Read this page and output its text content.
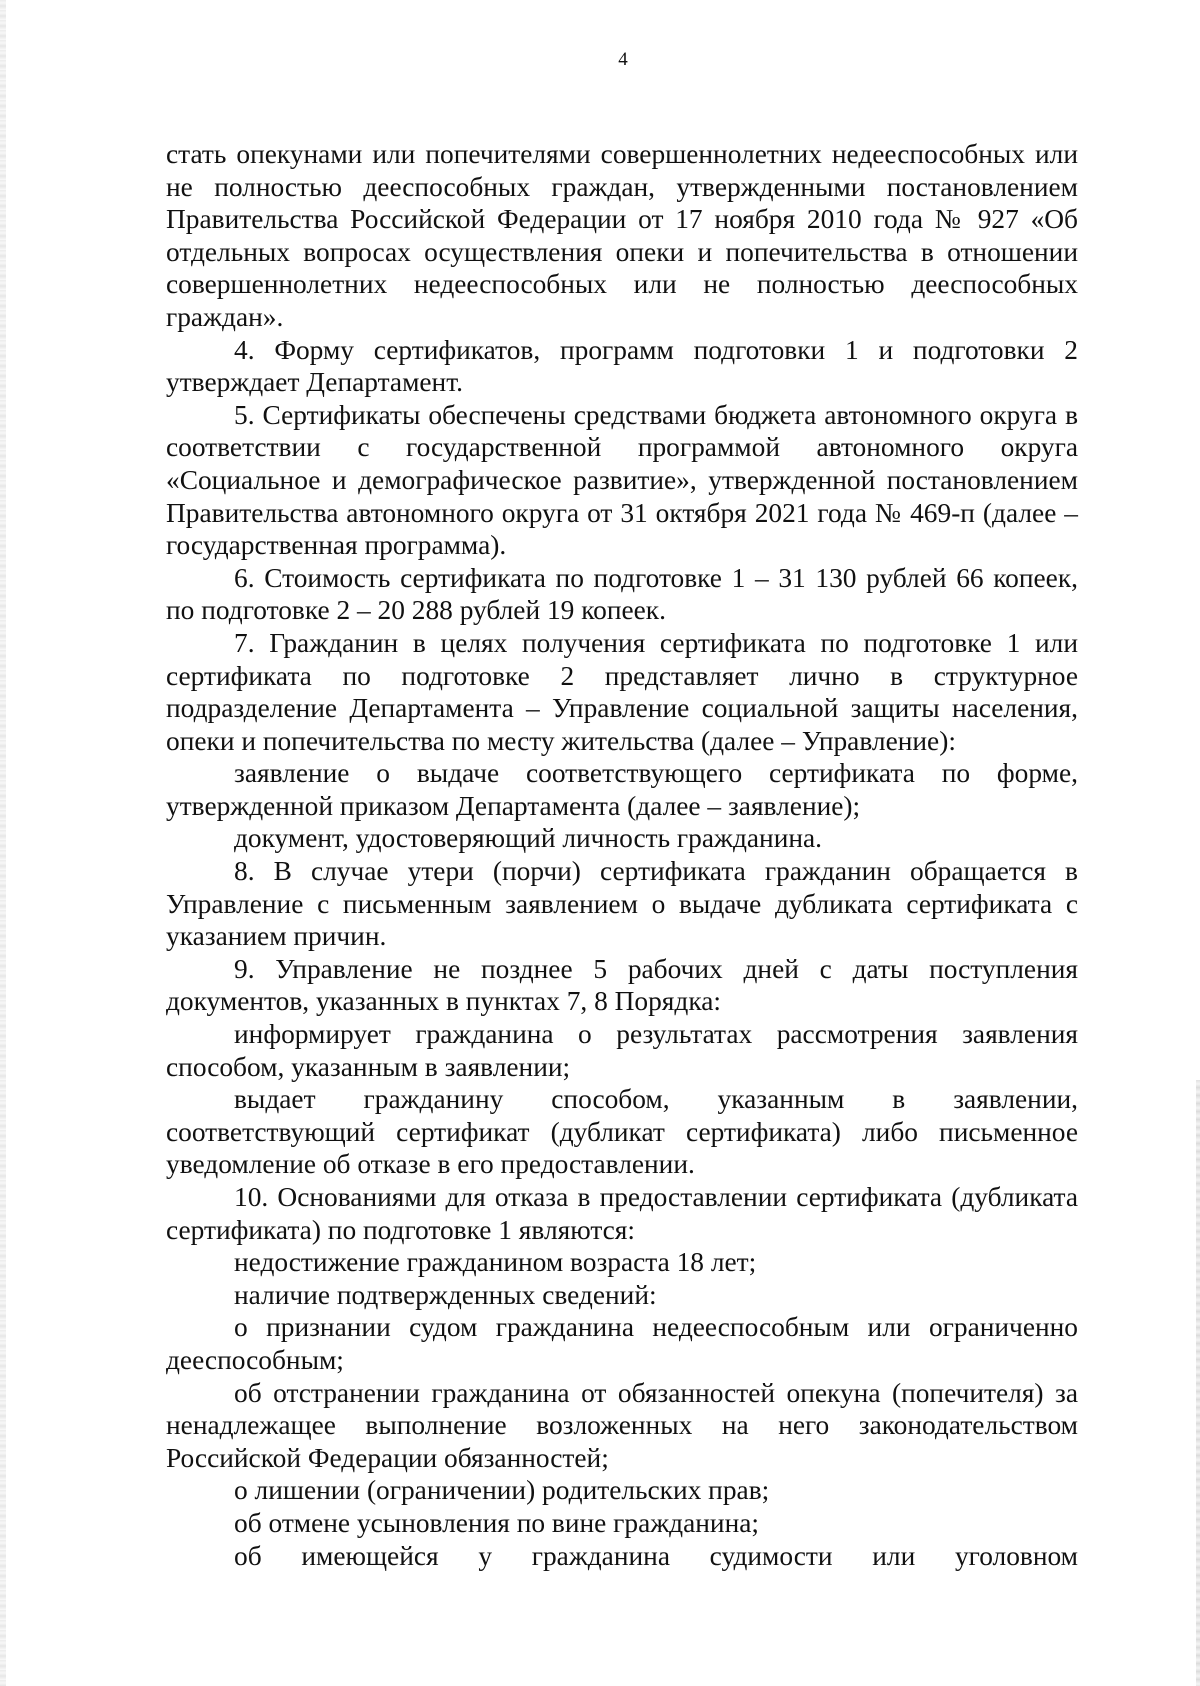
4

стать опекунами или попечителями совершеннолетних недееспособных или не полностью дееспособных граждан, утвержденными постановлением Правительства Российской Федерации от 17 ноября 2010 года № 927 «Об отдельных вопросах осуществления опеки и попечительства в отношении совершеннолетних недееспособных или не полностью дееспособных граждан».

4. Форму сертификатов, программ подготовки 1 и подготовки 2 утверждает Департамент.

5. Сертификаты обеспечены средствами бюджета автономного округа в соответствии с государственной программой автономного округа «Социальное и демографическое развитие», утвержденной постановлением Правительства автономного округа от 31 октября 2021 года № 469-п (далее – государственная программа).

6. Стоимость сертификата по подготовке 1 – 31 130 рублей 66 копеек, по подготовке 2 – 20 288 рублей 19 копеек.

7. Гражданин в целях получения сертификата по подготовке 1 или сертификата по подготовке 2 представляет лично в структурное подразделение Департамента – Управление социальной защиты населения, опеки и попечительства по месту жительства (далее – Управление):

заявление о выдаче соответствующего сертификата по форме, утвержденной приказом Департамента (далее – заявление);

документ, удостоверяющий личность гражданина.

8. В случае утери (порчи) сертификата гражданин обращается в Управление с письменным заявлением о выдаче дубликата сертификата с указанием причин.

9. Управление не позднее 5 рабочих дней с даты поступления документов, указанных в пунктах 7, 8 Порядка:

информирует гражданина о результатах рассмотрения заявления способом, указанным в заявлении;

выдает гражданину способом, указанным в заявлении, соответствующий сертификат (дубликат сертификата) либо письменное уведомление об отказе в его предоставлении.

10. Основаниями для отказа в предоставлении сертификата (дубликата сертификата) по подготовке 1 являются:

недостижение гражданином возраста 18 лет;

наличие подтвержденных сведений:

о признании судом гражданина недееспособным или ограниченно дееспособным;

об отстранении гражданина от обязанностей опекуна (попечителя) за ненадлежащее выполнение возложенных на него законодательством Российской Федерации обязанностей;

о лишении (ограничении) родительских прав;

об отмене усыновления по вине гражданина;

об имеющейся у гражданина судимости или уголовном
